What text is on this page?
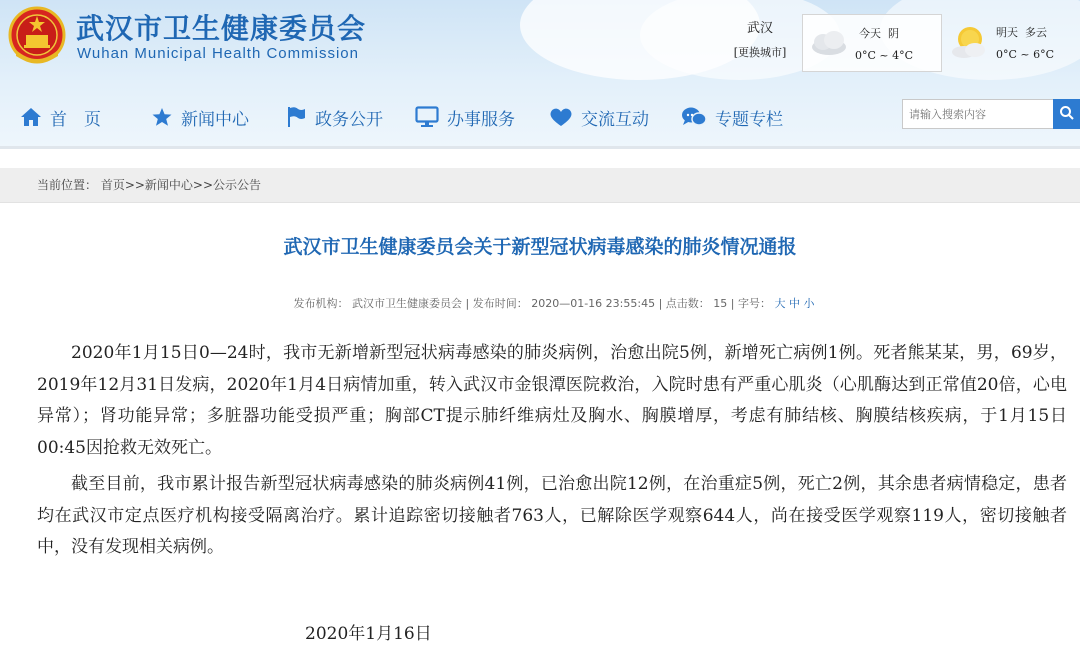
武汉市卫生健康委员会
Wuhan Municipal Health Commission
武汉
[更换城市]
今天 阴
0°C ~ 4°C
明天 多云
0°C ~ 6°C
首　页	新闻中心	政务公开	办事服务	交流互动	专题专栏
请输入搜索内容
当前位置： 首页>>新闻中心>>公示公告
武汉市卫生健康委员会关于新型冠状病毒感染的肺炎情况通报
发布机构： 武汉市卫生健康委员会 | 发布时间： 2020—01-16 23:55:45 | 点击数： 15 | 字号： 大 中 小

2020年1月15日0—24时，我市无新增新型冠状病毒感染的肺炎病例，治愈出院5例，新增死亡病例1例。死者熊某某，男，69岁，2019年12月31日发病，2020年1月4日病情加重，转入武汉市金银潭医院救治，入院时患有严重心肌炎（心肌酶达到正常值20倍，心电异常）；肾功能异常；多脏器功能受损严重；胸部CT提示肺纤维病灶及胸水、胸膜增厚，考虑有肺结核、胸膜结核疾病，于1月15日00:45因抢救无效死亡。

截至目前，我市累计报告新型冠状病毒感染的肺炎病例41例，已治愈出院12例，在治重症5例，死亡2例，其余患者病情稳定，患者均在武汉市定点医疗机构接受隔离治疗。累计追踪密切接触者763人，已解除医学观察644人，尚在接受医学观察119人，密切接触者中，没有发现相关病例。

2020年1月16日
